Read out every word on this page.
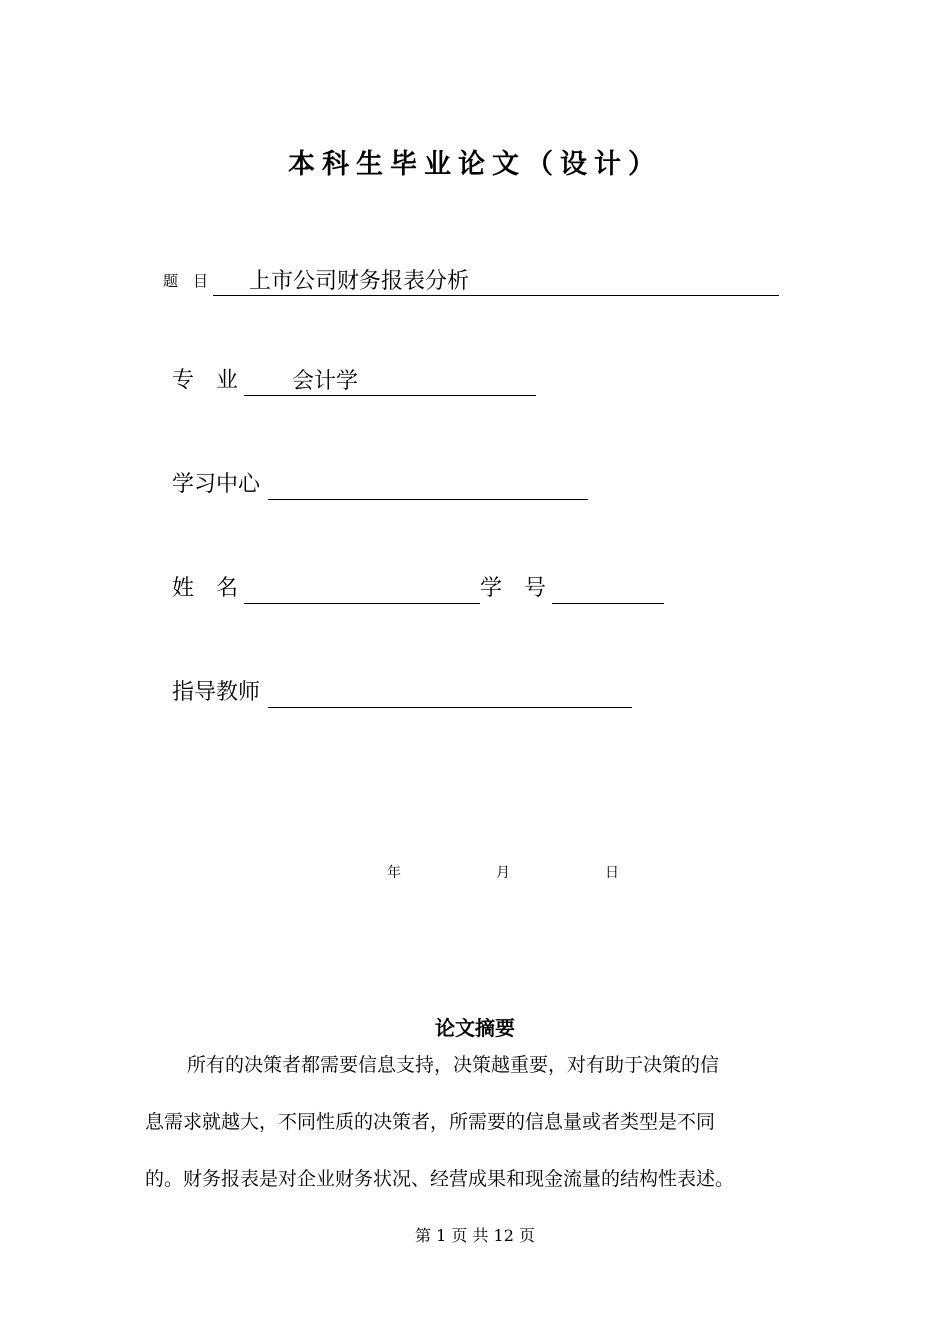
本科生毕业论文（设计）
题　目 上市公司财务报表分析
专　业 会计学
学习中心
姓　名	学　号
指导教师
年	月	日
论文摘要
所有的决策者都需要信息支持，决策越重要，对有助于决策的信
息需求就越大，不同性质的决策者，所需要的信息量或者类型是不同
的。财务报表是对企业财务状况、经营成果和现金流量的结构性表述。
第 1 页 共 12 页
